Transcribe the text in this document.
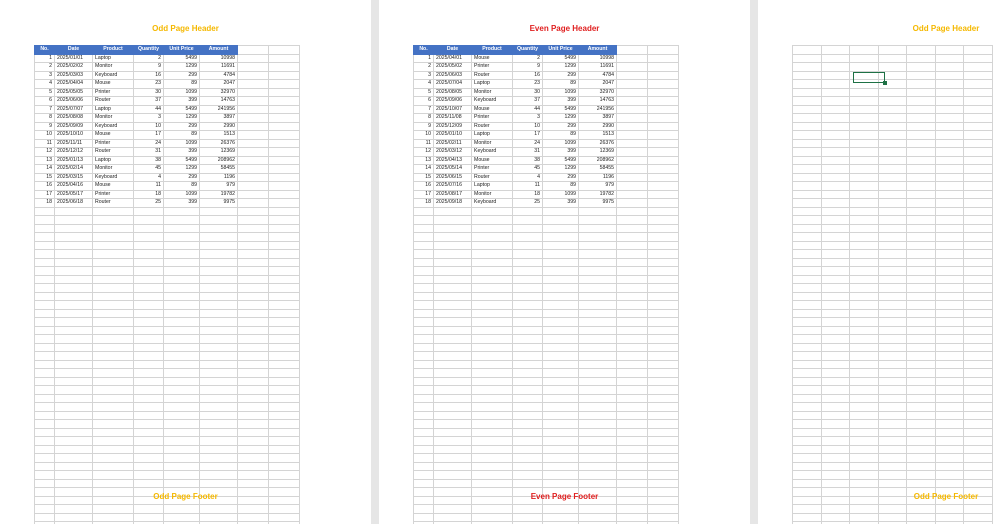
Odd Page Header
No.	Date	Product	Quantity	Unit Price	Amount		
1	2025/01/01	Laptop	2	5499	10998		
2	2025/02/02	Monitor	9	1299	11691		
3	2025/03/03	Keyboard	16	299	4784		
4	2025/04/04	Mouse	23	89	2047		
5	2025/05/05	Printer	30	1099	32970		
6	2025/06/06	Router	37	399	14763		
7	2025/07/07	Laptop	44	5499	241956		
8	2025/08/08	Monitor	3	1299	3897		
9	2025/09/09	Keyboard	10	299	2990		
10	2025/10/10	Mouse	17	89	1513		
11	2025/11/11	Printer	24	1099	26376		
12	2025/12/12	Router	31	399	12369		
13	2025/01/13	Laptop	38	5499	208962		
14	2025/02/14	Monitor	45	1299	58455		
15	2025/03/15	Keyboard	4	299	1196		
16	2025/04/16	Mouse	11	89	979		
17	2025/05/17	Printer	18	1099	19782		
18	2025/06/18	Router	25	399	9975		

Odd Page Footer
Even Page Header
No.	Date	Product	Quantity	Unit Price	Amount		
1	2025/04/01	Mouse	2	5499	10998		
2	2025/05/02	Printer	9	1299	11691		
3	2025/06/03	Router	16	299	4784		
4	2025/07/04	Laptop	23	89	2047		
5	2025/08/05	Monitor	30	1099	32970		
6	2025/09/06	Keyboard	37	399	14763		
7	2025/10/07	Mouse	44	5499	241956		
8	2025/11/08	Printer	3	1299	3897		
9	2025/12/09	Router	10	299	2990		
10	2025/01/10	Laptop	17	89	1513		
11	2025/02/11	Monitor	24	1099	26376		
12	2025/03/12	Keyboard	31	399	12369		
13	2025/04/13	Mouse	38	5499	208962		
14	2025/05/14	Printer	45	1299	58455		
15	2025/06/15	Router	4	299	1196		
16	2025/07/16	Laptop	11	89	979		
17	2025/08/17	Monitor	18	1099	19782		
18	2025/09/18	Keyboard	25	399	9975		

Even Page Footer
Odd Page Header

Odd Page Footer
